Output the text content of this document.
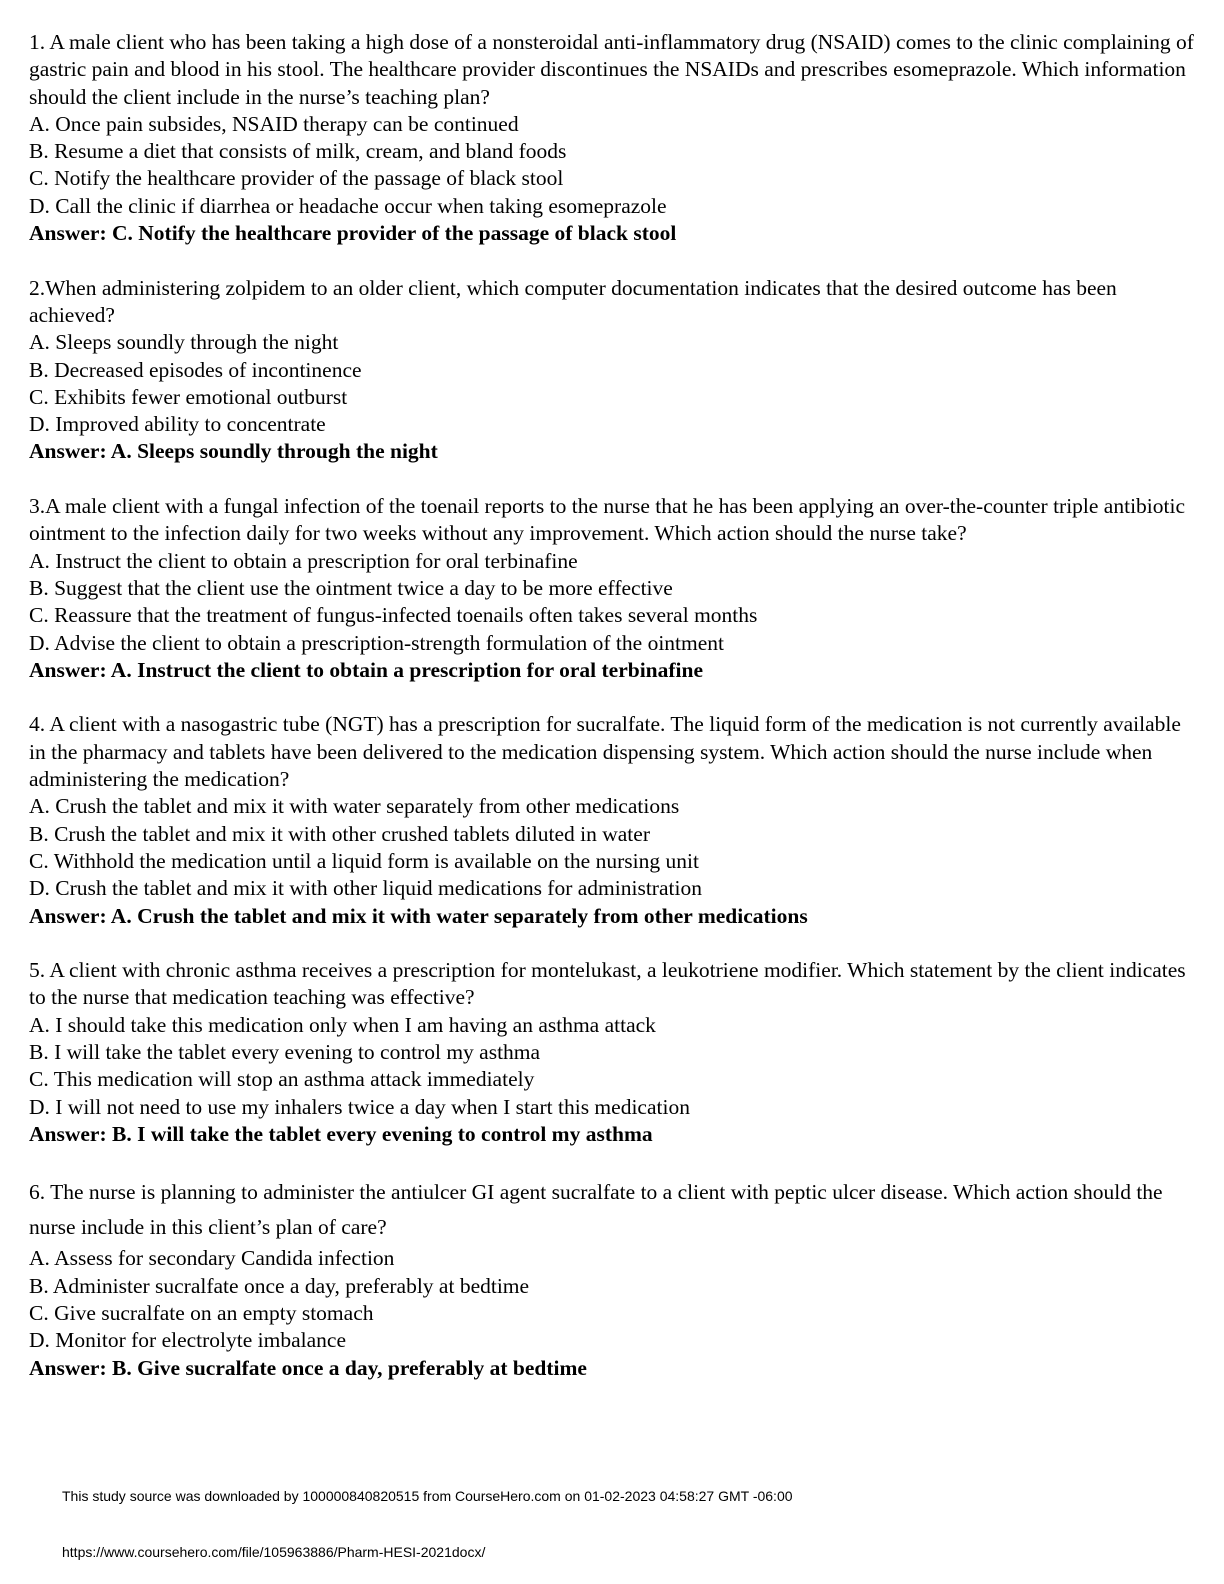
1. A male client who has been taking a high dose of a nonsteroidal anti-inflammatory drug (NSAID) comes to the clinic complaining of gastric pain and blood in his stool. The healthcare provider discontinues the NSAIDs and prescribes esomeprazole. Which information should the client include in the nurse’s teaching plan?

A. Once pain subsides, NSAID therapy can be continued
B. Resume a diet that consists of milk, cream, and bland foods
C. Notify the healthcare provider of the passage of black stool
D. Call the clinic if diarrhea or headache occur when taking esomeprazole
Answer: C. Notify the healthcare provider of the passage of black stool

2.When administering zolpidem to an older client, which computer documentation indicates that the desired outcome has been achieved?

A. Sleeps soundly through the night
B. Decreased episodes of incontinence
C. Exhibits fewer emotional outburst
D. Improved ability to concentrate
Answer: A. Sleeps soundly through the night

3.A male client with a fungal infection of the toenail reports to the nurse that he has been applying an over-the-counter triple antibiotic ointment to the infection daily for two weeks without any improvement. Which action should the nurse take?

A. Instruct the client to obtain a prescription for oral terbinafine
B. Suggest that the client use the ointment twice a day to be more effective
C. Reassure that the treatment of fungus-infected toenails often takes several months
D. Advise the client to obtain a prescription-strength formulation of the ointment
Answer: A. Instruct the client to obtain a prescription for oral terbinafine

4. A client with a nasogastric tube (NGT) has a prescription for sucralfate. The liquid form of the medication is not currently available in the pharmacy and tablets have been delivered to the medication dispensing system. Which action should the nurse include when administering the medication?

A. Crush the tablet and mix it with water separately from other medications
B. Crush the tablet and mix it with other crushed tablets diluted in water
C. Withhold the medication until a liquid form is available on the nursing unit
D. Crush the tablet and mix it with other liquid medications for administration
Answer: A. Crush the tablet and mix it with water separately from other medications

5. A client with chronic asthma receives a prescription for montelukast, a leukotriene modifier. Which statement by the client indicates to the nurse that medication teaching was effective?

A. I should take this medication only when I am having an asthma attack
B. I will take the tablet every evening to control my asthma
C. This medication will stop an asthma attack immediately
D. I will not need to use my inhalers twice a day when I start this medication
Answer: B. I will take the tablet every evening to control my asthma

6. The nurse is planning to administer the antiulcer GI agent sucralfate to a client with peptic ulcer disease. Which action should the nurse include in this client’s plan of care?

A. Assess for secondary Candida infection
B. Administer sucralfate once a day, preferably at bedtime
C. Give sucralfate on an empty stomach
D. Monitor for electrolyte imbalance
Answer: B. Give sucralfate once a day, preferably at bedtime
This study source was downloaded by 100000840820515 from CourseHero.com on 01-02-2023 04:58:27 GMT -06:00
https://www.coursehero.com/file/105963886/Pharm-HESI-2021docx/
